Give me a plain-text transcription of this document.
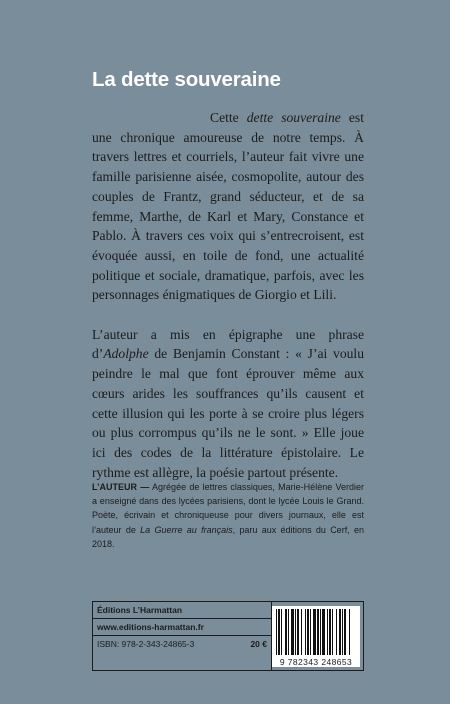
La dette souveraine

Cette dette souveraine est une chronique amoureuse de notre temps. À travers lettres et courriels, l’auteur fait vivre une famille parisienne aisée, cosmopolite, autour des couples de Frantz, grand séducteur, et de sa femme, Marthe, de Karl et Mary, Constance et Pablo. À travers ces voix qui s’entrecroisent, est évoquée aussi, en toile de fond, une actualité politique et sociale, dramatique, parfois, avec les personnages énigmatiques de Giorgio et Lili.

L’auteur a mis en épigraphe une phrase d’Adolphe de Benjamin Constant : « J’ai voulu peindre le mal que font éprouver même aux cœurs arides les souffrances qu’ils causent et cette illusion qui les porte à se croire plus légers ou plus corrompus qu’ils ne le sont. » Elle joue ici des codes de la littérature épistolaire. Le rythme est allègre, la poésie partout présente.

L’AUTEUR — Agrégée de lettres classiques, Marie-Hélène Verdier a enseigné dans des lycées parisiens, dont le lycée Louis le Grand. Poète, écrivain et chroniqueuse pour divers journaux, elle est l’auteur de La Guerre au français, paru aux éditions du Cerf, en 2018.
Éditions L’Harmattan
www.editions-harmattan.fr
ISBN: 978-2-343-24865-3	20 €
9 782343 248653
